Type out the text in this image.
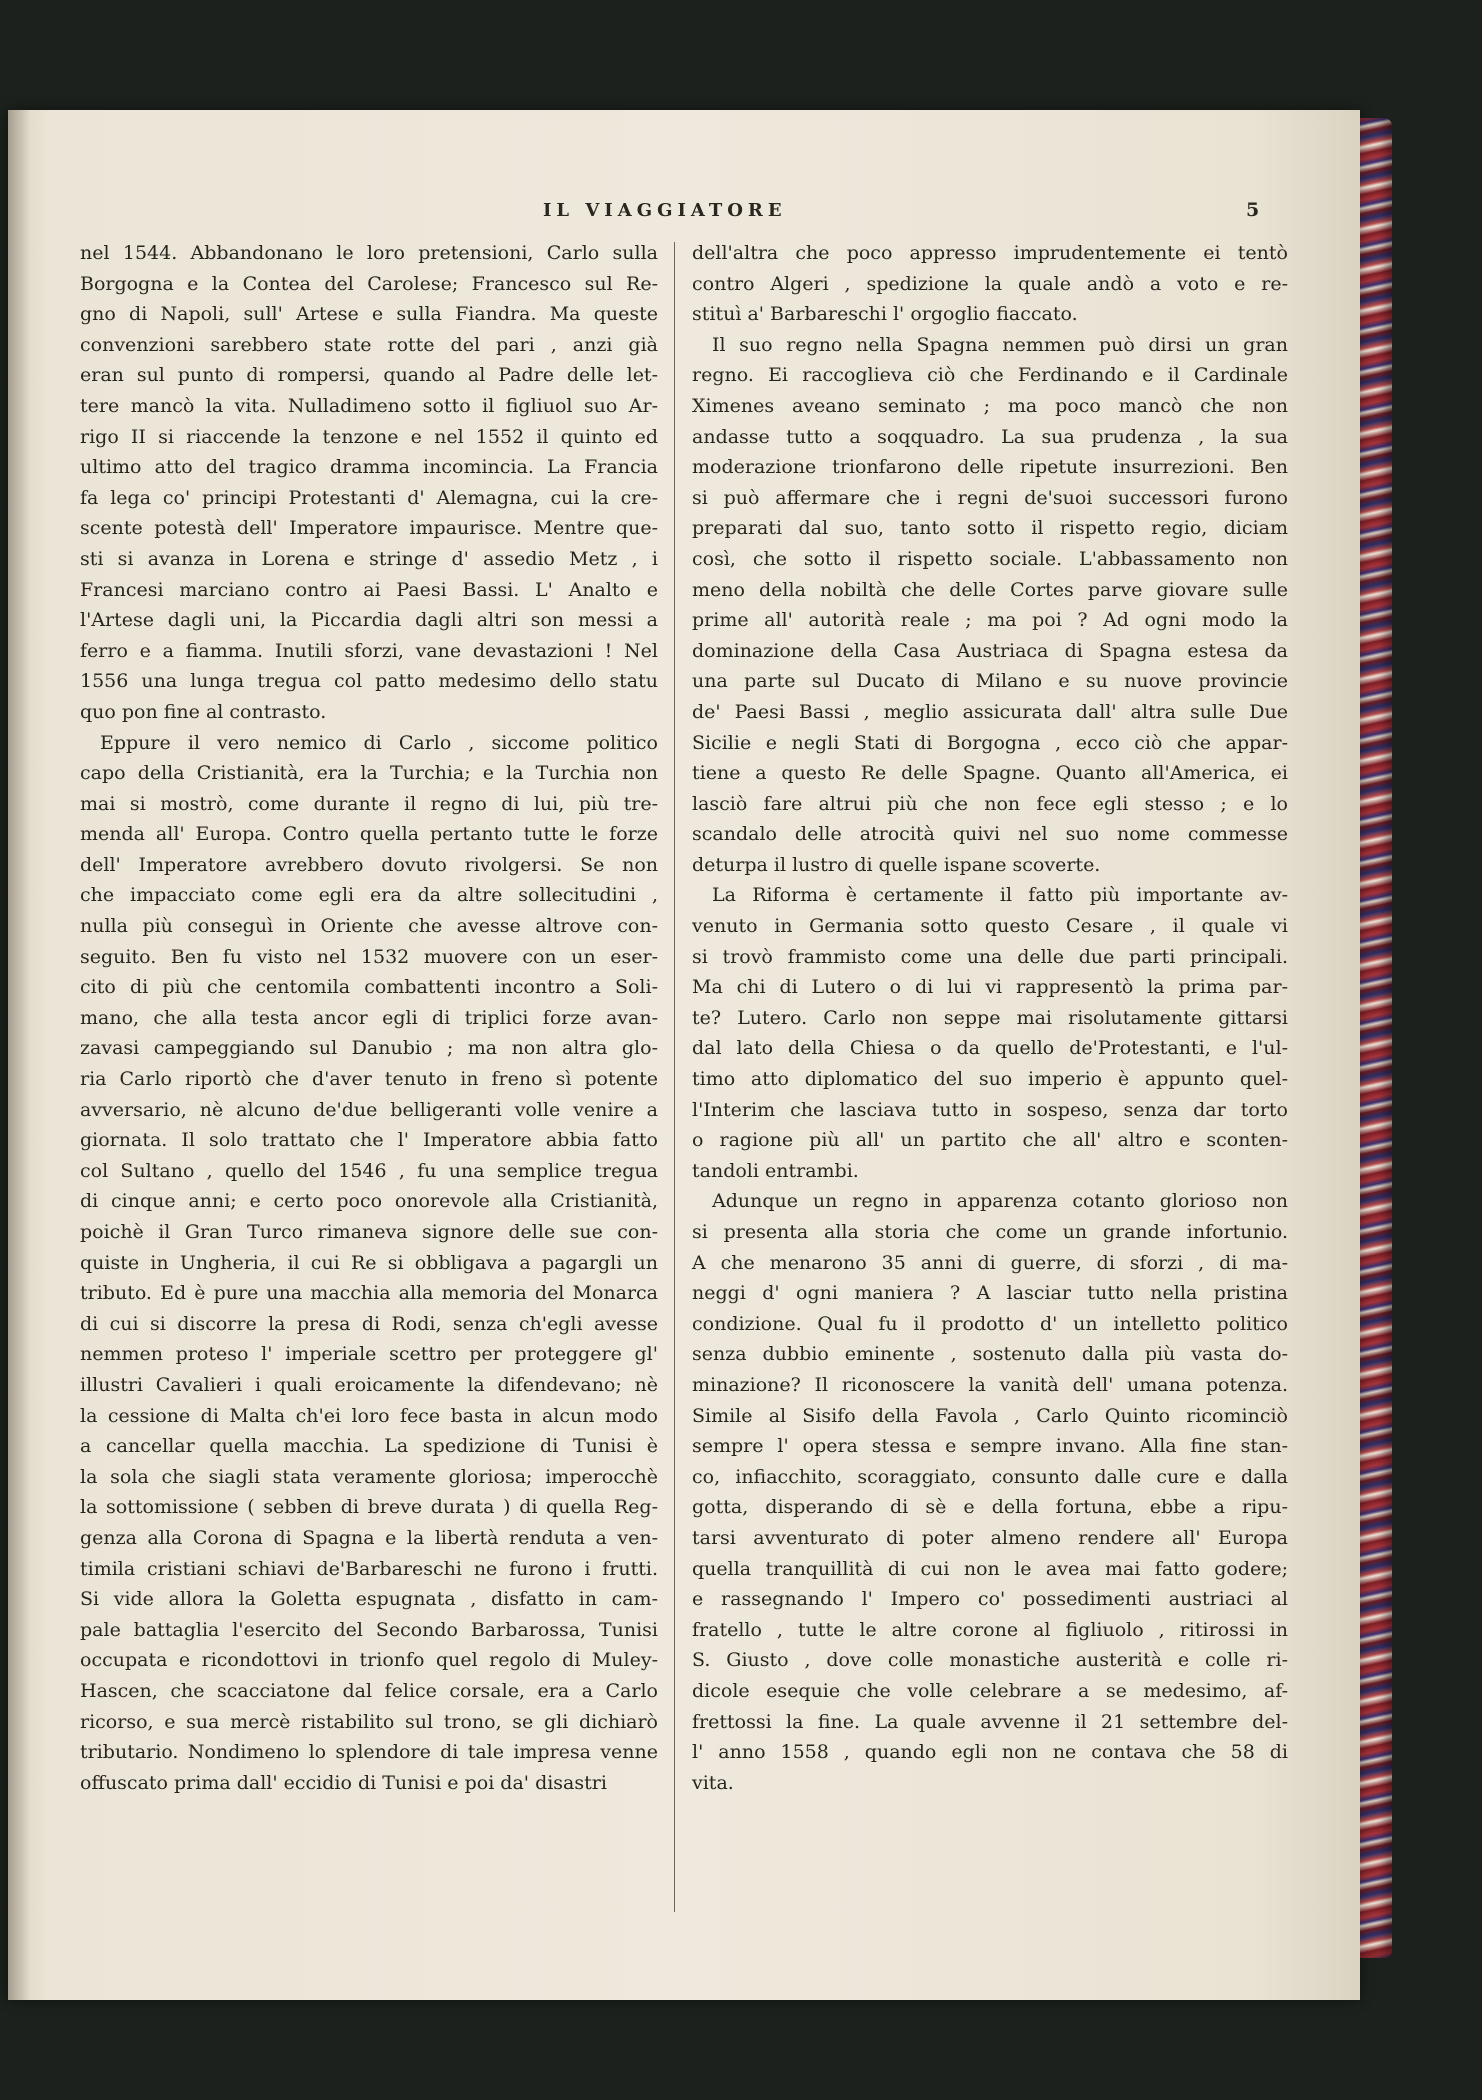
IL VIAGGIATORE	5
nel 1544. Abbandonano le loro pretensioni, Carlo sulla
Borgogna e la Contea del Carolese; Francesco sul Re-
gno di Napoli, sull' Artese e sulla Fiandra. Ma queste
convenzioni sarebbero state rotte del pari , anzi già
eran sul punto di rompersi, quando al Padre delle let-
tere mancò la vita. Nulladimeno sotto il figliuol suo Ar-
rigo II si riaccende la tenzone e nel 1552 il quinto ed
ultimo atto del tragico dramma incomincia. La Francia
fa lega co' principi Protestanti d' Alemagna, cui la cre-
scente potestà dell' Imperatore impaurisce. Mentre que-
sti si avanza in Lorena e stringe d' assedio Metz , i
Francesi marciano contro ai Paesi Bassi. L' Analto e
l'Artese dagli uni, la Piccardia dagli altri son messi a
ferro e a fiamma. Inutili sforzi, vane devastazioni ! Nel
1556 una lunga tregua col patto medesimo dello statu
quo pon fine al contrasto.
Eppure il vero nemico di Carlo , siccome politico
capo della Cristianità, era la Turchia; e la Turchia non
mai si mostrò, come durante il regno di lui, più tre-
menda all' Europa. Contro quella pertanto tutte le forze
dell' Imperatore avrebbero dovuto rivolgersi. Se non
che impacciato come egli era da altre sollecitudini ,
nulla più conseguì in Oriente che avesse altrove con-
seguito. Ben fu visto nel 1532 muovere con un eser-
cito di più che centomila combattenti incontro a Soli-
mano, che alla testa ancor egli di triplici forze avan-
zavasi campeggiando sul Danubio ; ma non altra glo-
ria Carlo riportò che d'aver tenuto in freno sì potente
avversario, nè alcuno de'due belligeranti volle venire a
giornata. Il solo trattato che l' Imperatore abbia fatto
col Sultano , quello del 1546 , fu una semplice tregua
di cinque anni; e certo poco onorevole alla Cristianità,
poichè il Gran Turco rimaneva signore delle sue con-
quiste in Ungheria, il cui Re si obbligava a pagargli un
tributo. Ed è pure una macchia alla memoria del Monarca
di cui si discorre la presa di Rodi, senza ch'egli avesse
nemmen proteso l' imperiale scettro per proteggere gl'
illustri Cavalieri i quali eroicamente la difendevano; nè
la cessione di Malta ch'ei loro fece basta in alcun modo
a cancellar quella macchia. La spedizione di Tunisi è
la sola che siagli stata veramente gloriosa; imperocchè
la sottomissione ( sebben di breve durata ) di quella Reg-
genza alla Corona di Spagna e la libertà renduta a ven-
timila cristiani schiavi de'Barbareschi ne furono i frutti.
Si vide allora la Goletta espugnata , disfatto in cam-
pale battaglia l'esercito del Secondo Barbarossa, Tunisi
occupata e ricondottovi in trionfo quel regolo di Muley-
Hascen, che scacciatone dal felice corsale, era a Carlo
ricorso, e sua mercè ristabilito sul trono, se gli dichiarò
tributario. Nondimeno lo splendore di tale impresa venne
offuscato prima dall' eccidio di Tunisi e poi da' disastri
dell'altra che poco appresso imprudentemente ei tentò
contro Algeri , spedizione la quale andò a voto e re-
stituì a' Barbareschi l' orgoglio fiaccato.
Il suo regno nella Spagna nemmen può dirsi un gran
regno. Ei raccoglieva ciò che Ferdinando e il Cardinale
Ximenes aveano seminato ; ma poco mancò che non
andasse tutto a soqquadro. La sua prudenza , la sua
moderazione trionfarono delle ripetute insurrezioni. Ben
si può affermare che i regni de'suoi successori furono
preparati dal suo, tanto sotto il rispetto regio, diciam
così, che sotto il rispetto sociale. L'abbassamento non
meno della nobiltà che delle Cortes parve giovare sulle
prime all' autorità reale ; ma poi ? Ad ogni modo la
dominazione della Casa Austriaca di Spagna estesa da
una parte sul Ducato di Milano e su nuove provincie
de' Paesi Bassi , meglio assicurata dall' altra sulle Due
Sicilie e negli Stati di Borgogna , ecco ciò che appar-
tiene a questo Re delle Spagne. Quanto all'America, ei
lasciò fare altrui più che non fece egli stesso ; e lo
scandalo delle atrocità quivi nel suo nome commesse
deturpa il lustro di quelle ispane scoverte.
La Riforma è certamente il fatto più importante av-
venuto in Germania sotto questo Cesare , il quale vi
si trovò frammisto come una delle due parti principali.
Ma chi di Lutero o di lui vi rappresentò la prima par-
te? Lutero. Carlo non seppe mai risolutamente gittarsi
dal lato della Chiesa o da quello de'Protestanti, e l'ul-
timo atto diplomatico del suo imperio è appunto quel-
l'Interim che lasciava tutto in sospeso, senza dar torto
o ragione più all' un partito che all' altro e sconten-
tandoli entrambi.
Adunque un regno in apparenza cotanto glorioso non
si presenta alla storia che come un grande infortunio.
A che menarono 35 anni di guerre, di sforzi , di ma-
neggi d' ogni maniera ? A lasciar tutto nella pristina
condizione. Qual fu il prodotto d' un intelletto politico
senza dubbio eminente , sostenuto dalla più vasta do-
minazione? Il riconoscere la vanità dell' umana potenza.
Simile al Sisifo della Favola , Carlo Quinto ricominciò
sempre l' opera stessa e sempre invano. Alla fine stan-
co, infiacchito, scoraggiato, consunto dalle cure e dalla
gotta, disperando di sè e della fortuna, ebbe a ripu-
tarsi avventurato di poter almeno rendere all' Europa
quella tranquillità di cui non le avea mai fatto godere;
e rassegnando l' Impero co' possedimenti austriaci al
fratello , tutte le altre corone al figliuolo , ritirossi in
S. Giusto , dove colle monastiche austerità e colle ri-
dicole esequie che volle celebrare a se medesimo, af-
frettossi la fine. La quale avvenne il 21 settembre del-
l' anno 1558 , quando egli non ne contava che 58 di
vita.
